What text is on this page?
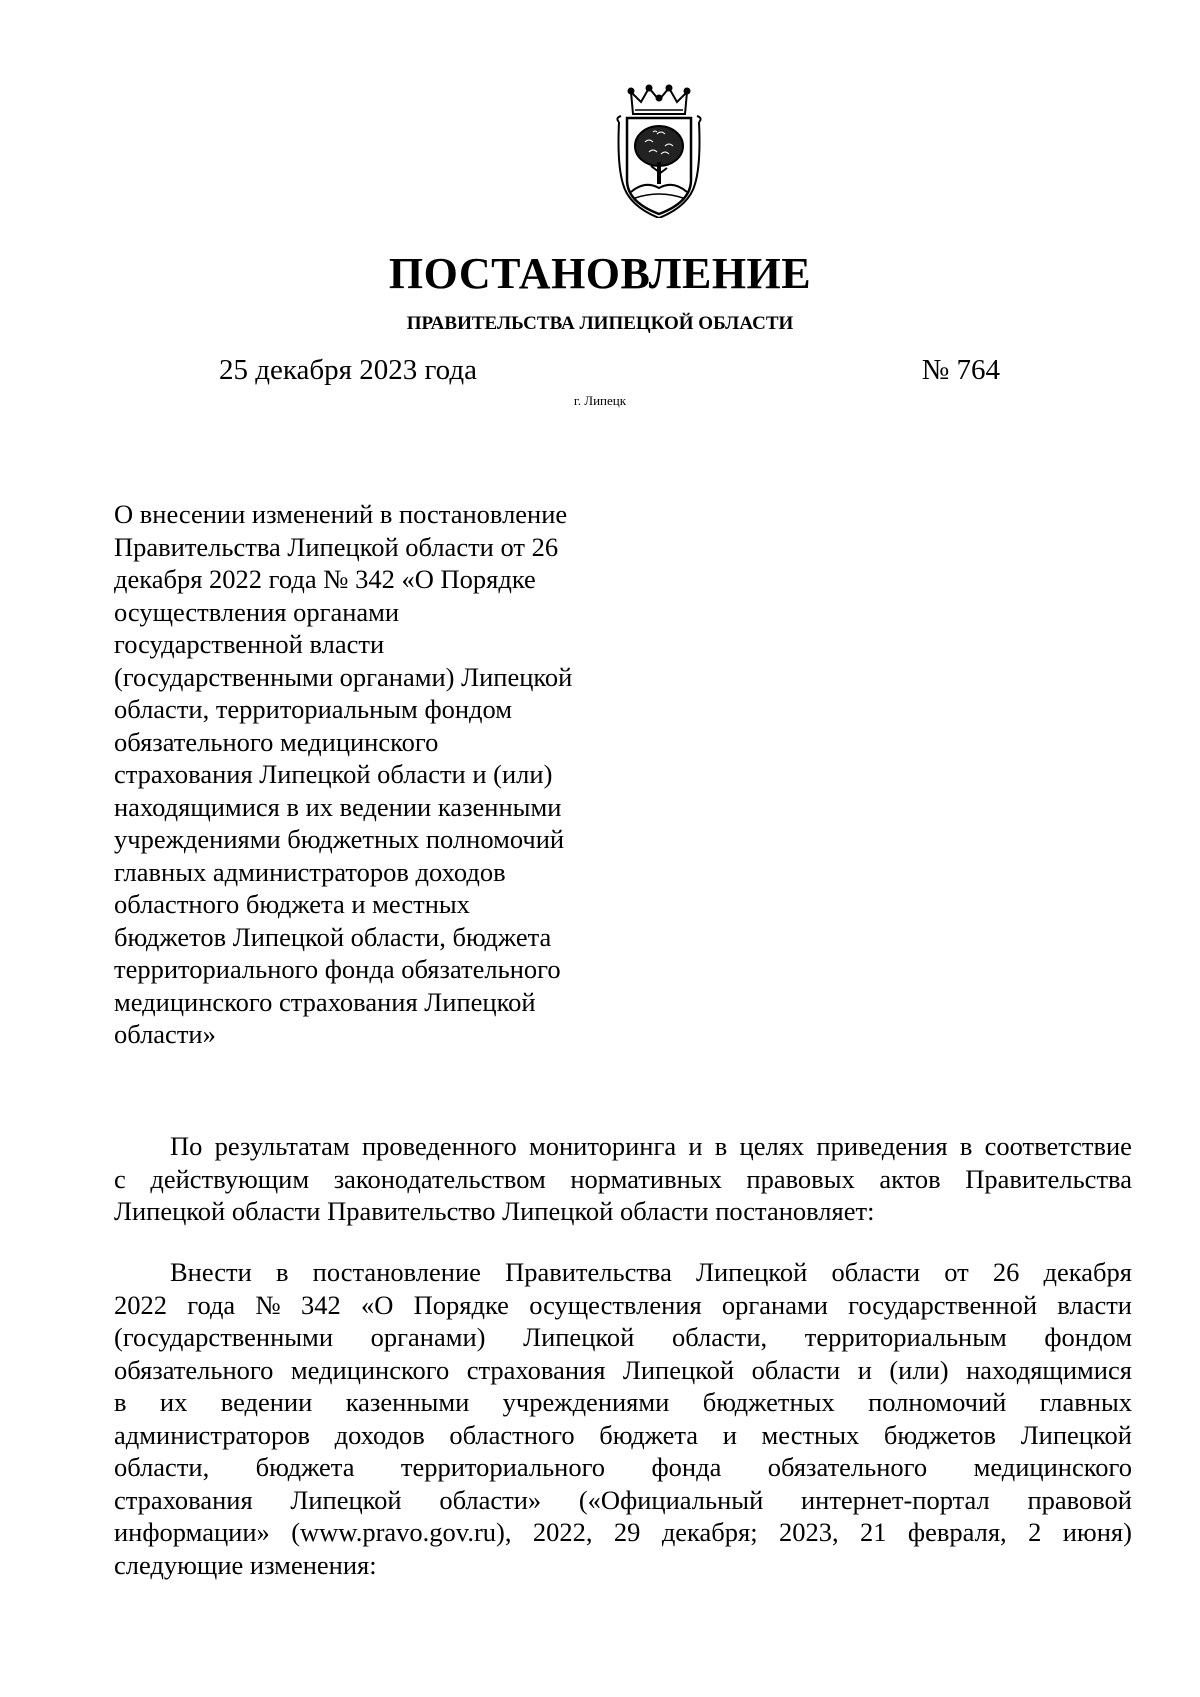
ПОСТАНОВЛЕНИЕ
ПРАВИТЕЛЬСТВА ЛИПЕЦКОЙ ОБЛАСТИ
25 декабря 2023 года	№ 764
г. Липецк
О внесении изменений в постановление
Правительства Липецкой области от 26
декабря 2022 года № 342 «О Порядке
осуществления органами
государственной власти
(государственными органами) Липецкой
области, территориальным фондом
обязательного медицинского
страхования Липецкой области и (или)
находящимися в их ведении казенными
учреждениями бюджетных полномочий
главных администраторов доходов
областного бюджета и местных
бюджетов Липецкой области, бюджета
территориального фонда обязательного
медицинского страхования Липецкой
области»
По результатам проведенного мониторинга и в целях приведения в соответствие
с действующим законодательством нормативных правовых актов Правительства
Липецкой области Правительство Липецкой области постановляет:
Внести в постановление Правительства Липецкой области от 26 декабря
2022 года № 342 «О Порядке осуществления органами государственной власти
(государственными органами) Липецкой области, территориальным фондом
обязательного медицинского страхования Липецкой области и (или) находящимися
в их ведении казенными учреждениями бюджетных полномочий главных
администраторов доходов областного бюджета и местных бюджетов Липецкой
области, бюджета территориального фонда обязательного медицинского
страхования Липецкой области» («Официальный интернет-портал правовой
информации» (www.pravo.gov.ru), 2022, 29 декабря; 2023, 21 февраля, 2 июня)
следующие изменения:
